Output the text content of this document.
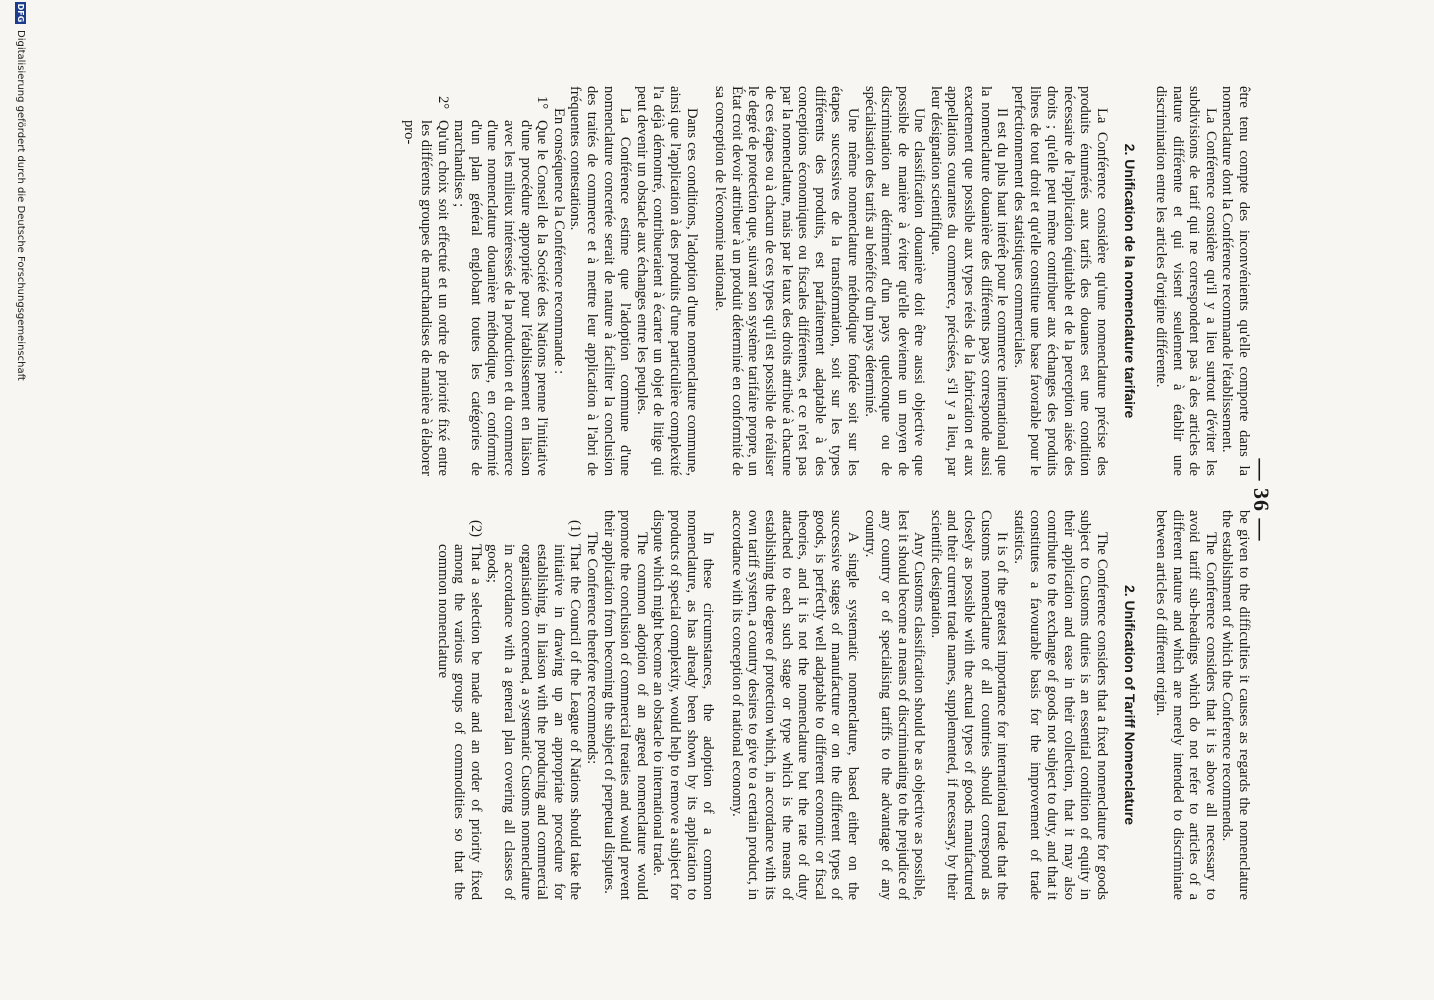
— 36 —

être tenu compte des inconvénients qu'elle comporte dans la nomenclature dont la Conférence recommande l'établissement.

La Conférence considère qu'il y a lieu surtout d'éviter les subdivisions de tarif qui ne correspondent pas à des articles de nature différente et qui visent seulement à établir une discrimination entre les articles d'origine différente.

2. Unification de la nomenclature tarifaire

La Conférence considère qu'une nomenclature précise des produits énumérés aux tarifs des douanes est une condition nécessaire de l'application équitable et de la perception aisée des droits ; qu'elle peut même contribuer aux échanges des produits libres de tout droit et qu'elle constitue une base favorable pour le perfectionnement des statistiques commerciales.

Il est du plus haut intérêt pour le commerce international que la nomenclature douanière des différents pays corresponde aussi exactement que possible aux types réels de la fabrication et aux appellations courantes du commerce, précisées, s'il y a lieu, par leur désignation scientifique.

Une classification douanière doit être aussi objective que possible de manière à éviter qu'elle devienne un moyen de discrimination au détriment d'un pays quelconque ou de spécialisation des tarifs au bénéfice d'un pays déterminé.

Une même nomenclature méthodique fondée soit sur les étapes successives de la transformation, soit sur les types différents des produits, est parfaitement adaptable à des conceptions économiques ou fiscales différentes, et ce n'est pas par la nomenclature, mais par le taux des droits attribué à chacune de ces étapes ou à chacun de ces types qu'il est possible de réaliser le degré de protection que, suivant son système tarifaire propre, un État croit devoir attribuer à un produit déterminé en conformité de sa conception de l'économie nationale.

Dans ces conditions, l'adoption d'une nomenclature commune, ainsi que l'application à des produits d'une particulière complexité l'a déjà démontré, contribueraient à écarter un objet de litige qui peut devenir un obstacle aux échanges entre les peuples.

La Conférence estime que l'adoption commune d'une nomenclature concertée serait de nature à faciliter la conclusion des traités de commerce et à mettre leur application à l'abri de fréquentes contestations.

En conséquence la Conférence recommande :

1°
Que le Conseil de la Société des Nations prenne l'initiative d'une procédure appropriée pour l'établissement en liaison avec les milieux intéressés de la production et du commerce d'une nomenclature douanière méthodique, en conformité d'un plan général englobant toutes les catégories de marchandises ;
2°
Qu'un choix soit effectué et un ordre de priorité fixé entre les différents groupes de marchandises de manière à élaborer pro-

be given to the difficulties it causes as regards the nomenclature the establishment of which the Conference recommends.

The Conference considers that it is above all necessary to avoid tariff sub-headings which do not refer to articles of a different nature and which are merely intended to discriminate between articles of different origin.

2. Unification of Tariff Nomenclature

The Conference considers that a fixed nomenclature for goods subject to Customs duties is an essential condition of equity in their application and ease in their collection, that it may also contribute to the exchange of goods not subject to duty, and that it constitutes a favourable basis for the improvement of trade statistics.

It is of the greatest importance for international trade that the Customs nomenclature of all countries should correspond as closely as possible with the actual types of goods manufactured and their current trade names, supplemented, if necessary, by their scientific designation.

Any Customs classification should be as objective as possible, lest it should become a means of discriminating to the prejudice of any country or of specialising tariffs to the advantage of any country.

A single systematic nomenclature, based either on the successive stages of manufacture or on the different types of goods, is perfectly well adaptable to different economic or fiscal theories, and it is not the nomenclature but the rate of duty attached to each such stage or type which is the means of establishing the degree of protection which, in accordance with its own tariff system, a country desires to give to a certain product, in accordance with its conception of national economy.

In these circumstances, the adoption of a common nomenclature, as has already been shown by its application to products of special complexity, would help to remove a subject for dispute which might become an obstacle to international trade.

The common adoption of an agreed nomenclature would promote the conclusion of commercial treaties and would prevent their application from becoming the subject of perpetual disputes.

The Conference therefore recommends:

(1)
That the Council of the League of Nations should take the initiative in drawing up an appropriate procedure for establishing, in liaison with the producing and commercial organisation concerned, a systematic Customs nomenclature in accordance with a general plan covering all classes of goods;
(2)
That a selection be made and an order of priority fixed among the various groups of commodities so that the common nomenclature
DFG
Digitalisierung gefördert durch die Deutsche Forschungsgemeinschaft
